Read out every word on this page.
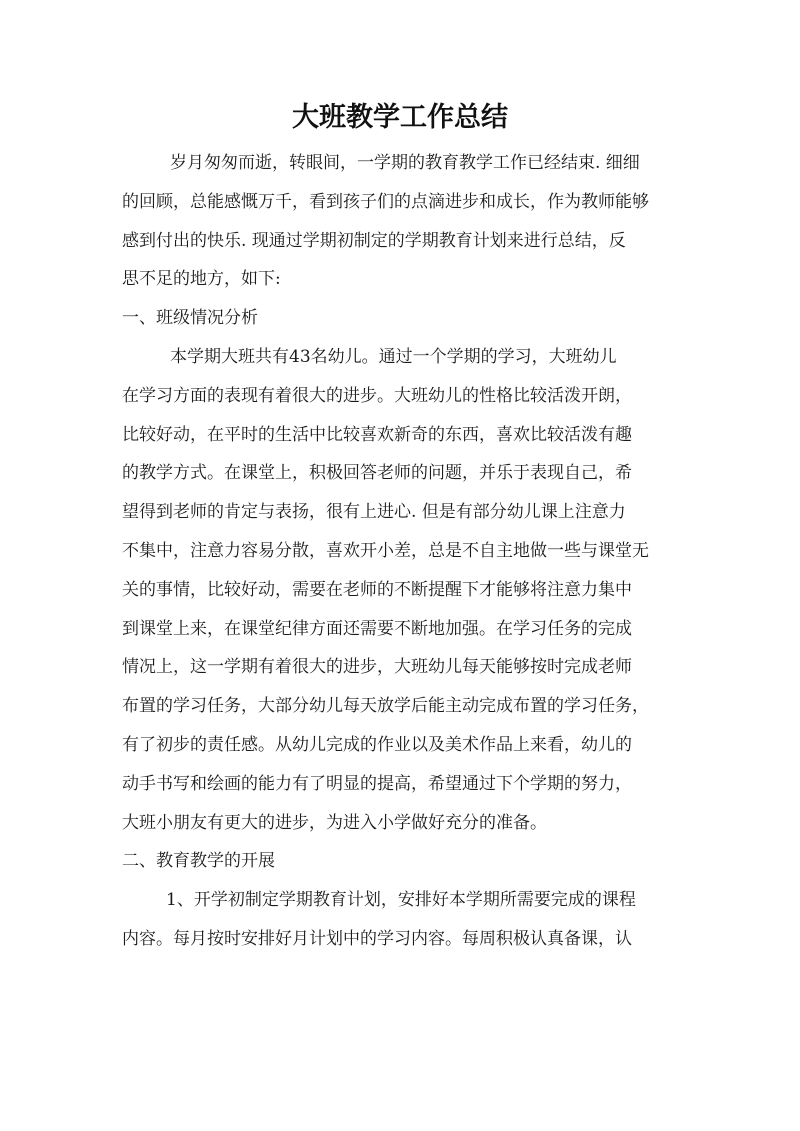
大班教学工作总结
岁月匆匆而逝，转眼间，一学期的教育教学工作已经结束. 细细
的回顾，总能感慨万千，看到孩子们的点滴进步和成长，作为教师能够
感到付出的快乐. 现通过学期初制定的学期教育计划来进行总结，反
思不足的地方，如下:
一、班级情况分析
本学期大班共有43名幼儿。通过一个学期的学习，大班幼儿
在学习方面的表现有着很大的进步。大班幼儿的性格比较活泼开朗，
比较好动，在平时的生活中比较喜欢新奇的东西，喜欢比较活泼有趣
的教学方式。在课堂上，积极回答老师的问题，并乐于表现自己，希
望得到老师的肯定与表扬，很有上进心. 但是有部分幼儿课上注意力
不集中，注意力容易分散，喜欢开小差，总是不自主地做一些与课堂无
关的事情，比较好动，需要在老师的不断提醒下才能够将注意力集中
到课堂上来，在课堂纪律方面还需要不断地加强。在学习任务的完成
情况上，这一学期有着很大的进步，大班幼儿每天能够按时完成老师
布置的学习任务，大部分幼儿每天放学后能主动完成布置的学习任务，
有了初步的责任感。从幼儿完成的作业以及美术作品上来看，幼儿的
动手书写和绘画的能力有了明显的提高，希望通过下个学期的努力，
大班小朋友有更大的进步，为进入小学做好充分的准备。
二、教育教学的开展
1、开学初制定学期教育计划，安排好本学期所需要完成的课程
内容。每月按时安排好月计划中的学习内容。每周积极认真备课，认
